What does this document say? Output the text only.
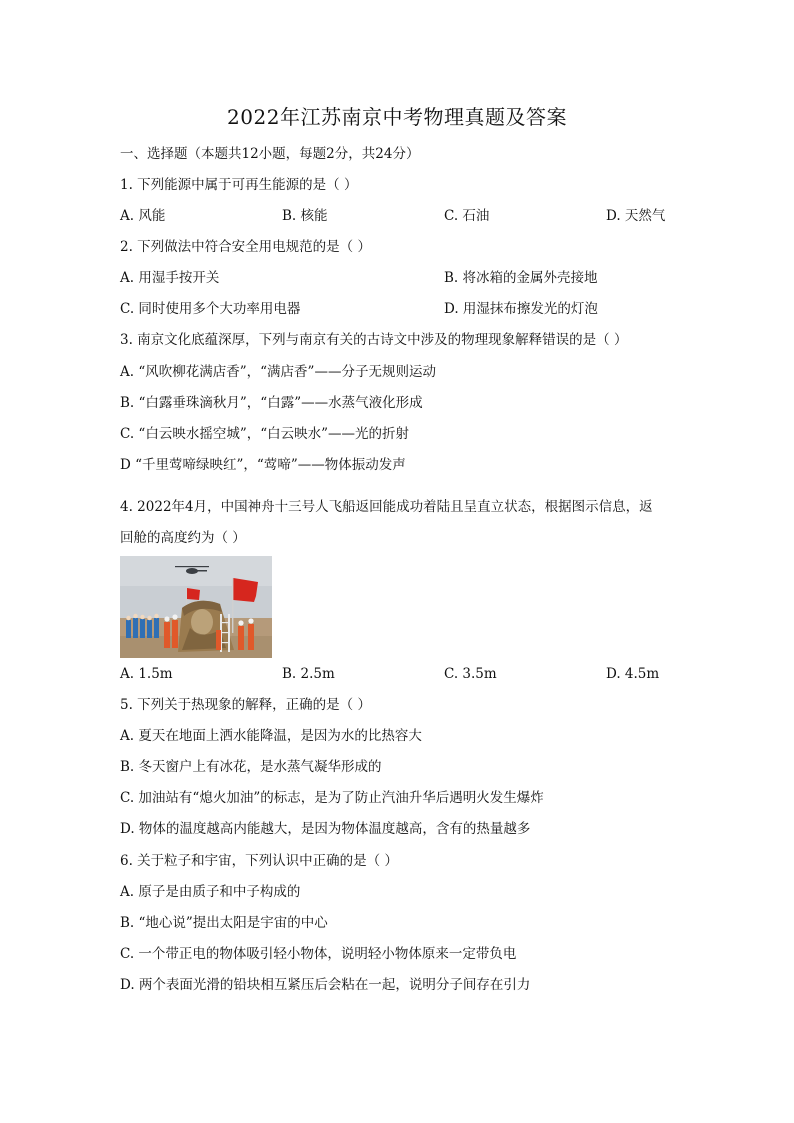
2022年江苏南京中考物理真题及答案
一、选择题（本题共12小题，每题2分，共24分）
1. 下列能源中属于可再生能源的是（ ）
A. 风能	B. 核能	C. 石油	D. 天然气
2. 下列做法中符合安全用电规范的是（ ）
A. 用湿手按开关	B. 将冰箱的金属外壳接地
C. 同时使用多个大功率用电器	D. 用湿抹布擦发光的灯泡
3. 南京文化底蕴深厚，下列与南京有关的古诗文中涉及的物理现象解释错误的是（ ）
A. “风吹柳花满店香”，“满店香”——分子无规则运动
B. “白露垂珠滴秋月”，“白露”——水蒸气液化形成
C. “白云映水摇空城”，“白云映水”——光的折射
D “千里莺啼绿映红”，“莺啼”——物体振动发声
4. 2022年4月，中国神舟十三号人飞船返回能成功着陆且呈直立状态，根据图示信息，返
回舱的高度约为（ ）
A. 1.5m	B. 2.5m	C. 3.5m	D. 4.5m
5. 下列关于热现象的解释，正确的是（ ）
A. 夏天在地面上洒水能降温，是因为水的比热容大
B. 冬天窗户上有冰花，是水蒸气凝华形成的
C. 加油站有“熄火加油”的标志，是为了防止汽油升华后遇明火发生爆炸
D. 物体的温度越高内能越大，是因为物体温度越高，含有的热量越多
6. 关于粒子和宇宙，下列认识中正确的是（ ）
A. 原子是由质子和中子构成的
B. “地心说”提出太阳是宇宙的中心
C. 一个带正电的物体吸引轻小物体，说明轻小物体原来一定带负电
D. 两个表面光滑的铅块相互紧压后会粘在一起，说明分子间存在引力
